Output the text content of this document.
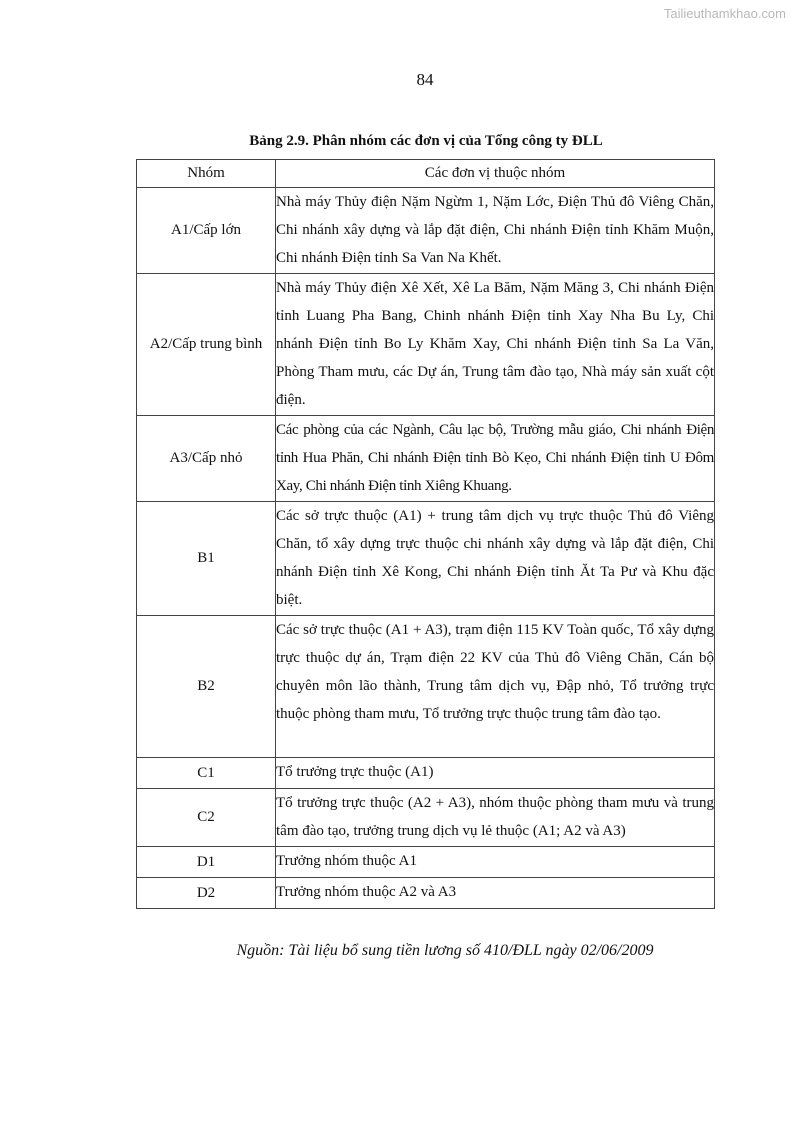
Tailieuthamkhao.com
84
Bảng 2.9. Phân nhóm các đơn vị của Tổng công ty ĐLL
Nhóm	Các đơn vị thuộc nhóm
A1/Cấp lớn	Nhà máy Thủy điện Nặm Ngừm 1, Nặm Lớc, Điện Thủ đô Viêng Chăn, Chi nhánh xây dựng và lắp đặt điện, Chi nhánh Điện tỉnh Khăm Muộn, Chi nhánh Điện tỉnh Sa Van Na Khết.
A2/Cấp trung bình	Nhà máy Thủy điện Xê Xết, Xê La Băm, Nặm Măng 3, Chi nhánh Điện tỉnh Luang Pha Bang, Chinh nhánh Điện tỉnh Xay Nha Bu Ly, Chi nhánh Điện tỉnh Bo Ly Khăm Xay, Chi nhánh Điện tỉnh Sa La Văn, Phòng Tham mưu, các Dự án, Trung tâm đào tạo, Nhà máy sản xuất cột điện.
A3/Cấp nhỏ	Các phòng của các Ngành, Câu lạc bộ, Trường mẫu giáo, Chi nhánh Điện tỉnh Hua Phăn, Chi nhánh Điện tỉnh Bò Kẹo, Chi nhánh Điện tỉnh U Đôm Xay, Chi nhánh Điện tỉnh Xiêng Khuang.
B1	Các sở trực thuộc (A1) + trung tâm dịch vụ trực thuộc Thủ đô Viêng Chăn, tổ xây dựng trực thuộc chi nhánh xây dựng và lắp đặt điện, Chi nhánh Điện tỉnh Xê Kong, Chi nhánh Điện tỉnh Ăt Ta Pư và Khu đặc biệt.
B2	Các sở trực thuộc (A1 + A3), trạm điện 115 KV Toàn quốc, Tổ xây dựng trực thuộc dự án, Trạm điện 22 KV của Thủ đô Viêng Chăn, Cán bộ chuyên môn lão thành, Trung tâm dịch vụ, Đập nhỏ, Tổ trưởng trực thuộc phòng tham mưu, Tổ trưởng trực thuộc trung tâm đào tạo.
C1	Tổ trưởng trực thuộc (A1)
C2	Tổ trưởng trực thuộc (A2 + A3), nhóm thuộc phòng tham mưu và trung tâm đào tạo, trưởng trung dịch vụ lẻ thuộc (A1; A2 và A3)
D1	Trưởng nhóm thuộc A1
D2	Trưởng nhóm thuộc A2 và A3
Nguồn: Tài liệu bổ sung tiền lương số 410/ĐLL ngày 02/06/2009
